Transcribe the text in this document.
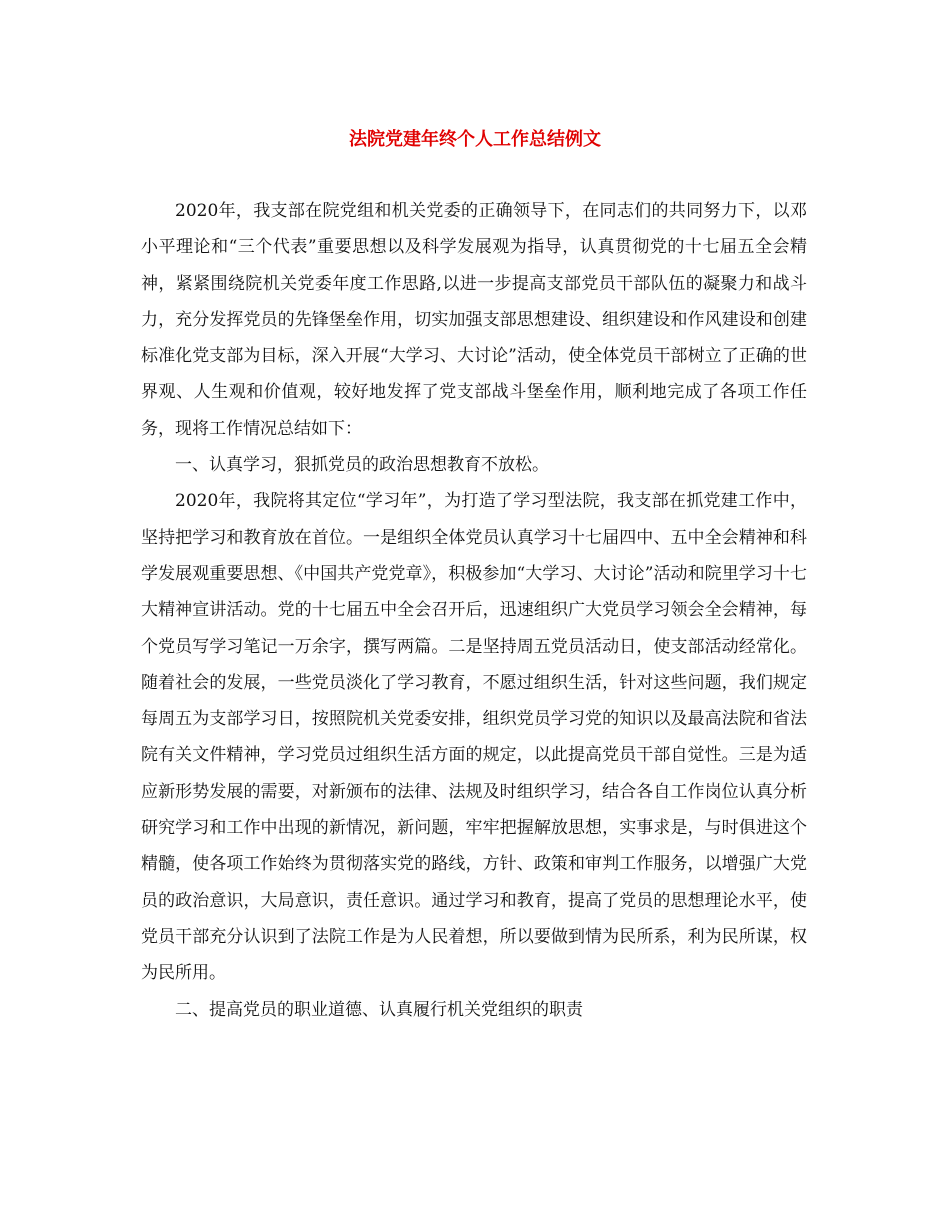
法院党建年终个人工作总结例文

2020年，我支部在院党组和机关党委的正确领导下，在同志们的共同努力下，以邓小平理论和“三个代表”重要思想以及科学发展观为指导，认真贯彻党的十七届五全会精神，紧紧围绕院机关党委年度工作思路,以进一步提高支部党员干部队伍的凝聚力和战斗力，充分发挥党员的先锋堡垒作用，切实加强支部思想建设、组织建设和作风建设和创建标准化党支部为目标，深入开展“大学习、大讨论”活动，使全体党员干部树立了正确的世界观、人生观和价值观，较好地发挥了党支部战斗堡垒作用，顺利地完成了各项工作任务，现将工作情况总结如下：

一、认真学习，狠抓党员的政治思想教育不放松。

2020年，我院将其定位“学习年”，为打造了学习型法院，我支部在抓党建工作中， 坚持把学习和教育放在首位。一是组织全体党员认真学习十七届四中、五中全会精神和科学发展观重要思想、《中国共产党党章》，积极参加“大学习、大讨论”活动和院里学习十七大精神宣讲活动。党的十七届五中全会召开后，迅速组织广大党员学习领会全会精神，每个党员写学习笔记一万余字，撰写两篇。二是坚持周五党员活动日，使支部活动经常化。随着社会的发展，一些党员淡化了学习教育，不愿过组织生活，针对这些问题，我们规定每周五为支部学习日，按照院机关党委安排，组织党员学习党的知识以及最高法院和省法院有关文件精神，学习党员过组织生活方面的规定，以此提高党员干部自觉性。三是为适应新形势发展的需要，对新颁布的法律、法规及时组织学习，结合各自工作岗位认真分析研究学习和工作中出现的新情况，新问题，牢牢把握解放思想，实事求是，与时俱进这个精髓，使各项工作始终为贯彻落实党的路线，方针、政策和审判工作服务，以增强广大党员的政治意识，大局意识，责任意识。通过学习和教育，提高了党员的思想理论水平，使党员干部充分认识到了法院工作是为人民着想，所以要做到情为民所系，利为民所谋，权为民所用。

二、提高党员的职业道德、认真履行机关党组织的职责
